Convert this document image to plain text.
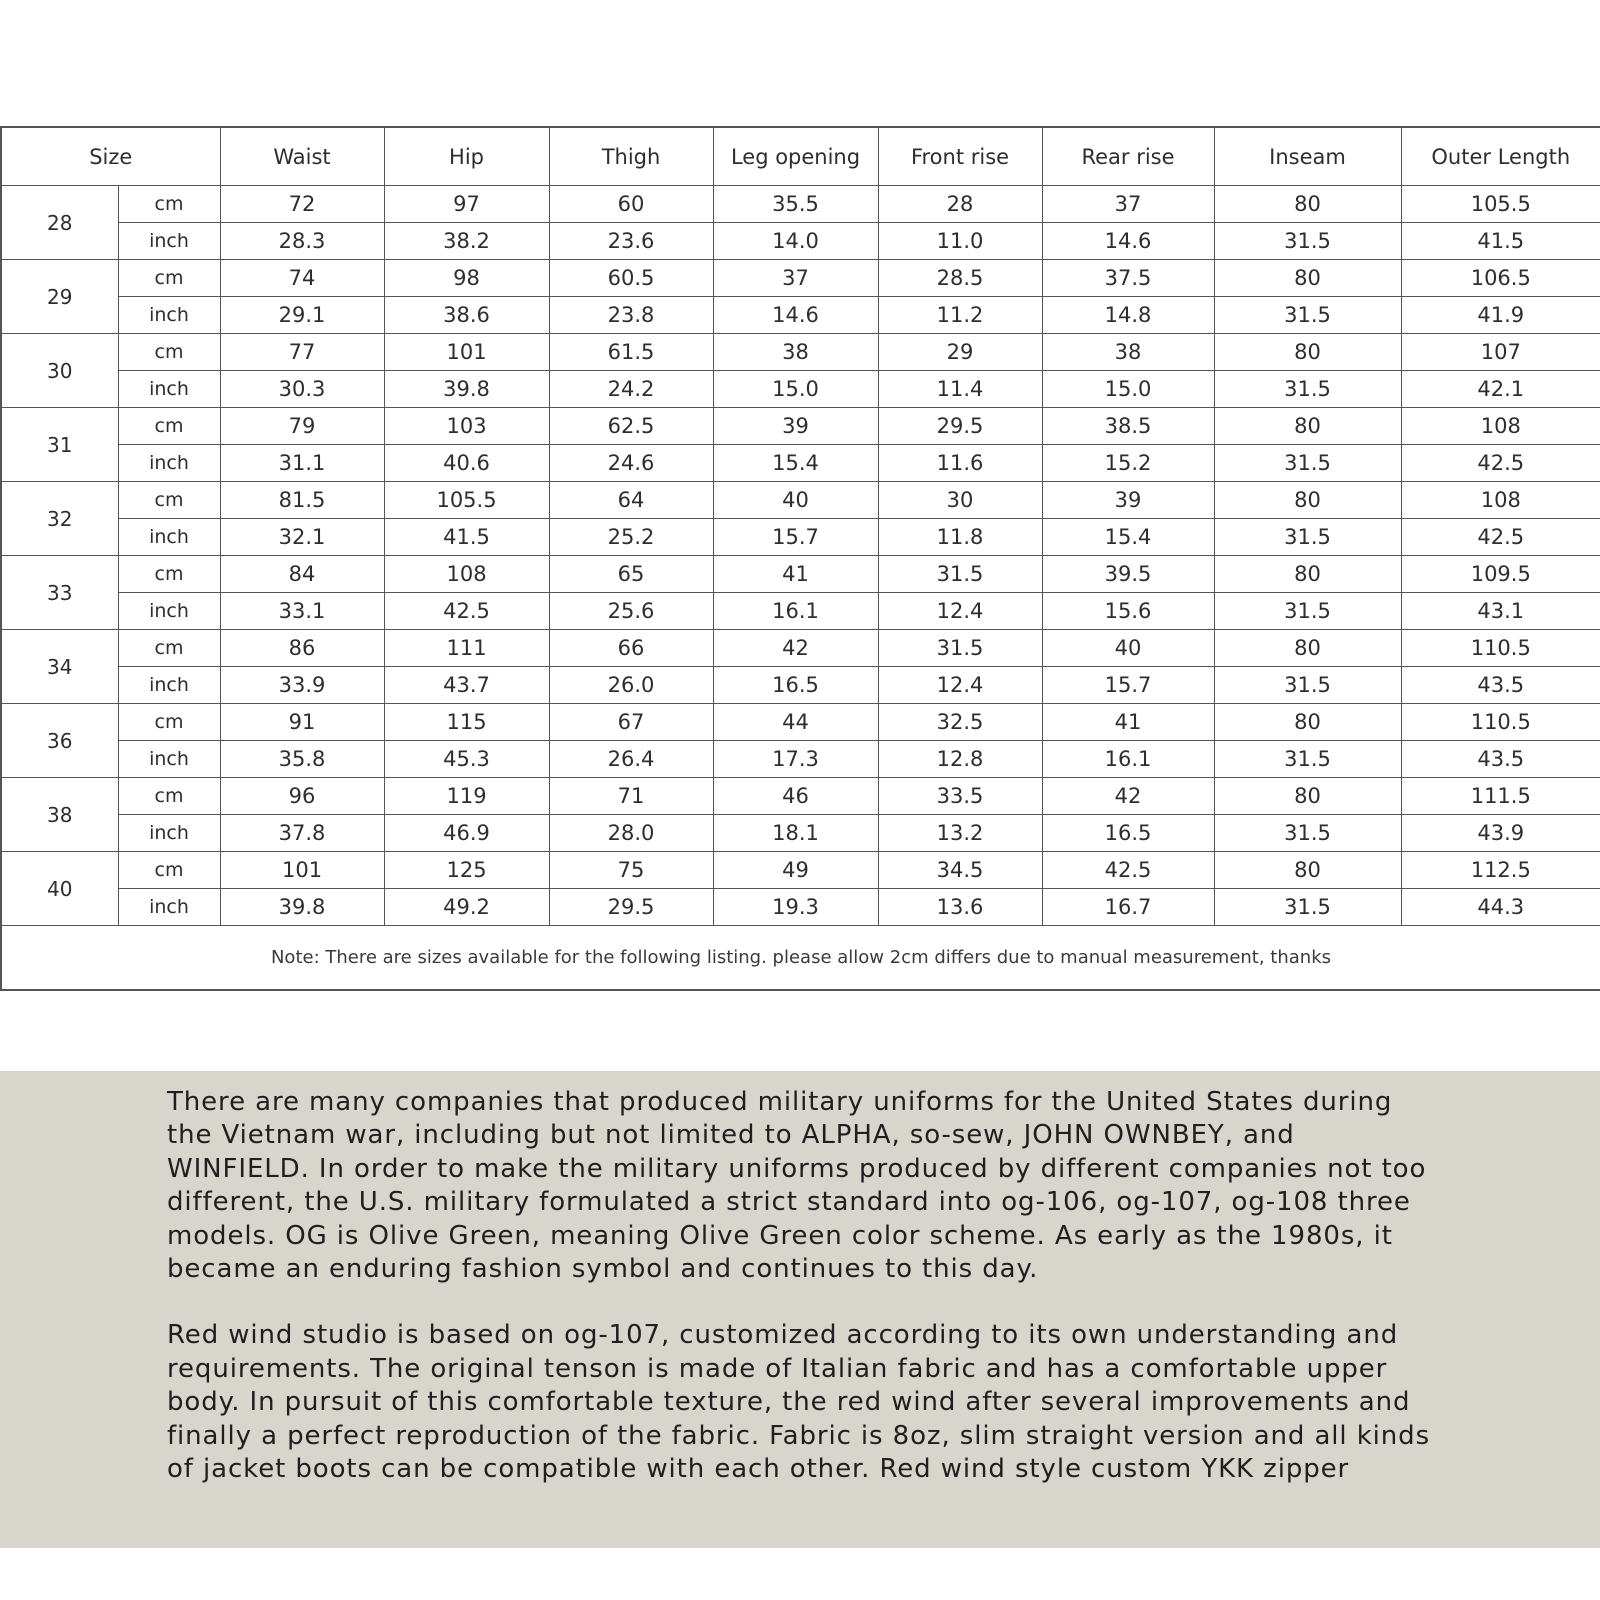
Size		Waist	Hip	Thigh	Leg opening	Front rise	Rear rise	Inseam	Outer Length
28	cm	72	97	60	35.5	28	37	80	105.5
	inch	28.3	38.2	23.6	14.0	11.0	14.6	31.5	41.5
29	cm	74	98	60.5	37	28.5	37.5	80	106.5
	inch	29.1	38.6	23.8	14.6	11.2	14.8	31.5	41.9
30	cm	77	101	61.5	38	29	38	80	107
	inch	30.3	39.8	24.2	15.0	11.4	15.0	31.5	42.1
31	cm	79	103	62.5	39	29.5	38.5	80	108
	inch	31.1	40.6	24.6	15.4	11.6	15.2	31.5	42.5
32	cm	81.5	105.5	64	40	30	39	80	108
	inch	32.1	41.5	25.2	15.7	11.8	15.4	31.5	42.5
33	cm	84	108	65	41	31.5	39.5	80	109.5
	inch	33.1	42.5	25.6	16.1	12.4	15.6	31.5	43.1
34	cm	86	111	66	42	31.5	40	80	110.5
	inch	33.9	43.7	26.0	16.5	12.4	15.7	31.5	43.5
36	cm	91	115	67	44	32.5	41	80	110.5
	inch	35.8	45.3	26.4	17.3	12.8	16.1	31.5	43.5
38	cm	96	119	71	46	33.5	42	80	111.5
	inch	37.8	46.9	28.0	18.1	13.2	16.5	31.5	43.9
40	cm	101	125	75	49	34.5	42.5	80	112.5
	inch	39.8	49.2	29.5	19.3	13.6	16.7	31.5	44.3
Note: There are sizes available for the following listing. please allow 2cm differs due to manual measurement, thanks									

There are many companies that produced military uniforms for the United States during the Vietnam war, including but not limited to ALPHA, so-sew, JOHN OWNBEY, and WINFIELD. In order to make the military uniforms produced by different companies not too different, the U.S. military formulated a strict standard into og-106, og-107, og-108 three models. OG is Olive Green, meaning Olive Green color scheme. As early as the 1980s, it became an enduring fashion symbol and continues to this day.

Red wind studio is based on og-107, customized according to its own understanding and requirements. The original tenson is made of Italian fabric and has a comfortable upper body. In pursuit of this comfortable texture, the red wind after several improvements and finally a perfect reproduction of the fabric. Fabric is 8oz, slim straight version and all kinds of jacket boots can be compatible with each other. Red wind style custom YKK zipper
